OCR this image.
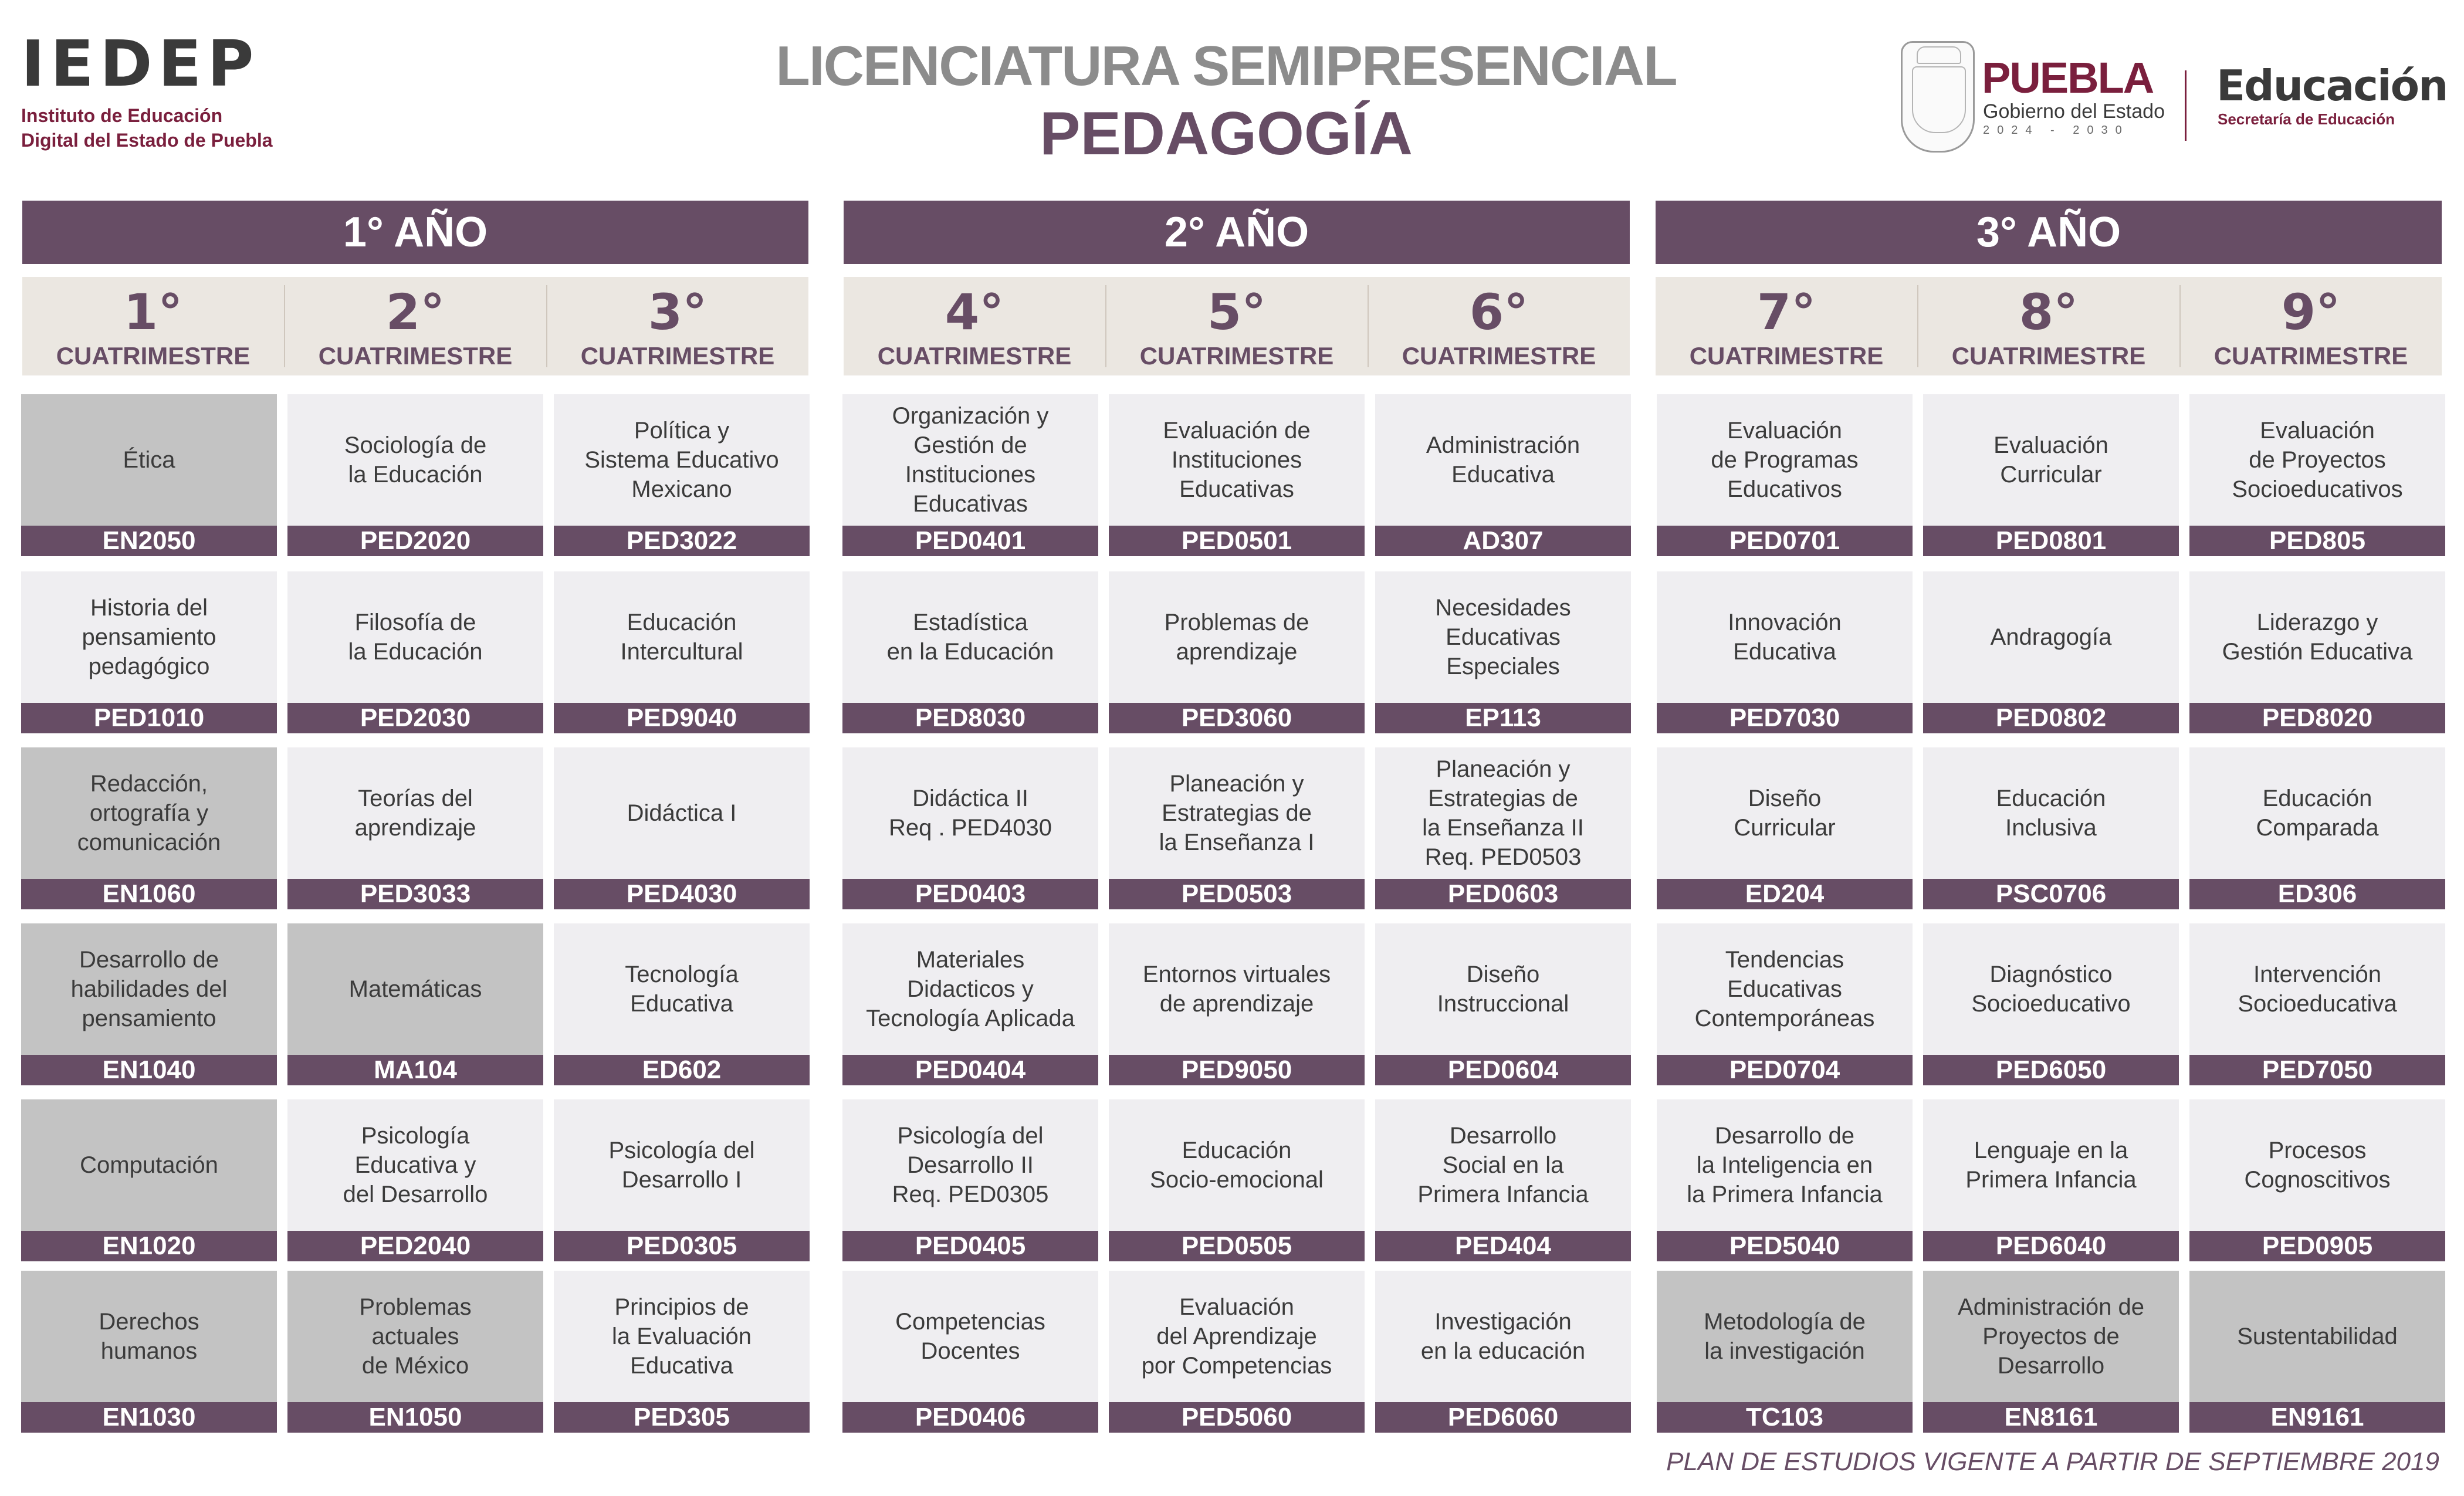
IEDEP
Instituto de Educación
Digital del Estado de Puebla
LICENCIATURA SEMIPRESENCIAL
PEDAGOGÍA
PUEBLA
Gobierno del Estado
2024 - 2030
Educación
Secretaría de Educación
1° AÑO	2° AÑO	3° AÑO
1°
CUATRIMESTRE
2°
CUATRIMESTRE
3°
CUATRIMESTRE
4°
CUATRIMESTRE
5°
CUATRIMESTRE
6°
CUATRIMESTRE
7°
CUATRIMESTRE
8°
CUATRIMESTRE
9°
CUATRIMESTRE
Ética
EN2050
Sociología de
la Educación
PED2020
Política y
Sistema Educativo
Mexicano
PED3022
Organización y
Gestión de
Instituciones
Educativas
PED0401
Evaluación de
Instituciones
Educativas
PED0501
Administración
Educativa
AD307
Evaluación
de Programas
Educativos
PED0701
Evaluación
Curricular
PED0801
Evaluación
de Proyectos
Socioeducativos
PED805
Historia del
pensamiento
pedagógico
PED1010
Filosofía de
la Educación
PED2030
Educación
Intercultural
PED9040
Estadística
en la Educación
PED8030
Problemas de
aprendizaje
PED3060
Necesidades
Educativas
Especiales
EP113
Innovación
Educativa
PED7030
Andragogía
PED0802
Liderazgo y
Gestión Educativa
PED8020
Redacción,
ortografía y
comunicación
EN1060
Teorías del
aprendizaje
PED3033
Didáctica I
PED4030
Didáctica II
Req . PED4030
PED0403
Planeación y
Estrategias de
la Enseñanza I
PED0503
Planeación y
Estrategias de
la Enseñanza II
Req. PED0503
PED0603
Diseño
Curricular
ED204
Educación
Inclusiva
PSC0706
Educación
Comparada
ED306
Desarrollo de
habilidades del
pensamiento
EN1040
Matemáticas
MA104
Tecnología
Educativa
ED602
Materiales
Didacticos y
Tecnología Aplicada
PED0404
Entornos virtuales
de aprendizaje
PED9050
Diseño
Instruccional
PED0604
Tendencias
Educativas
Contemporáneas
PED0704
Diagnóstico
Socioeducativo
PED6050
Intervención
Socioeducativa
PED7050
Computación
EN1020
Psicología
Educativa y
del Desarrollo
PED2040
Psicología del
Desarrollo I
PED0305
Psicología del
Desarrollo II
Req. PED0305
PED0405
Educación
Socio-emocional
PED0505
Desarrollo
Social en la
Primera Infancia
PED404
Desarrollo de
la Inteligencia en
la Primera Infancia
PED5040
Lenguaje en la
Primera Infancia
PED6040
Procesos
Cognoscitivos
PED0905
Derechos
humanos
EN1030
Problemas
actuales
de México
EN1050
Principios de
la Evaluación
Educativa
PED305
Competencias
Docentes
PED0406
Evaluación
del Aprendizaje
por Competencias
PED5060
Investigación
en la educación
PED6060
Metodología de
la investigación
TC103
Administración de
Proyectos de
Desarrollo
EN8161
Sustentabilidad
EN9161
PLAN DE ESTUDIOS VIGENTE A PARTIR DE SEPTIEMBRE 2019
